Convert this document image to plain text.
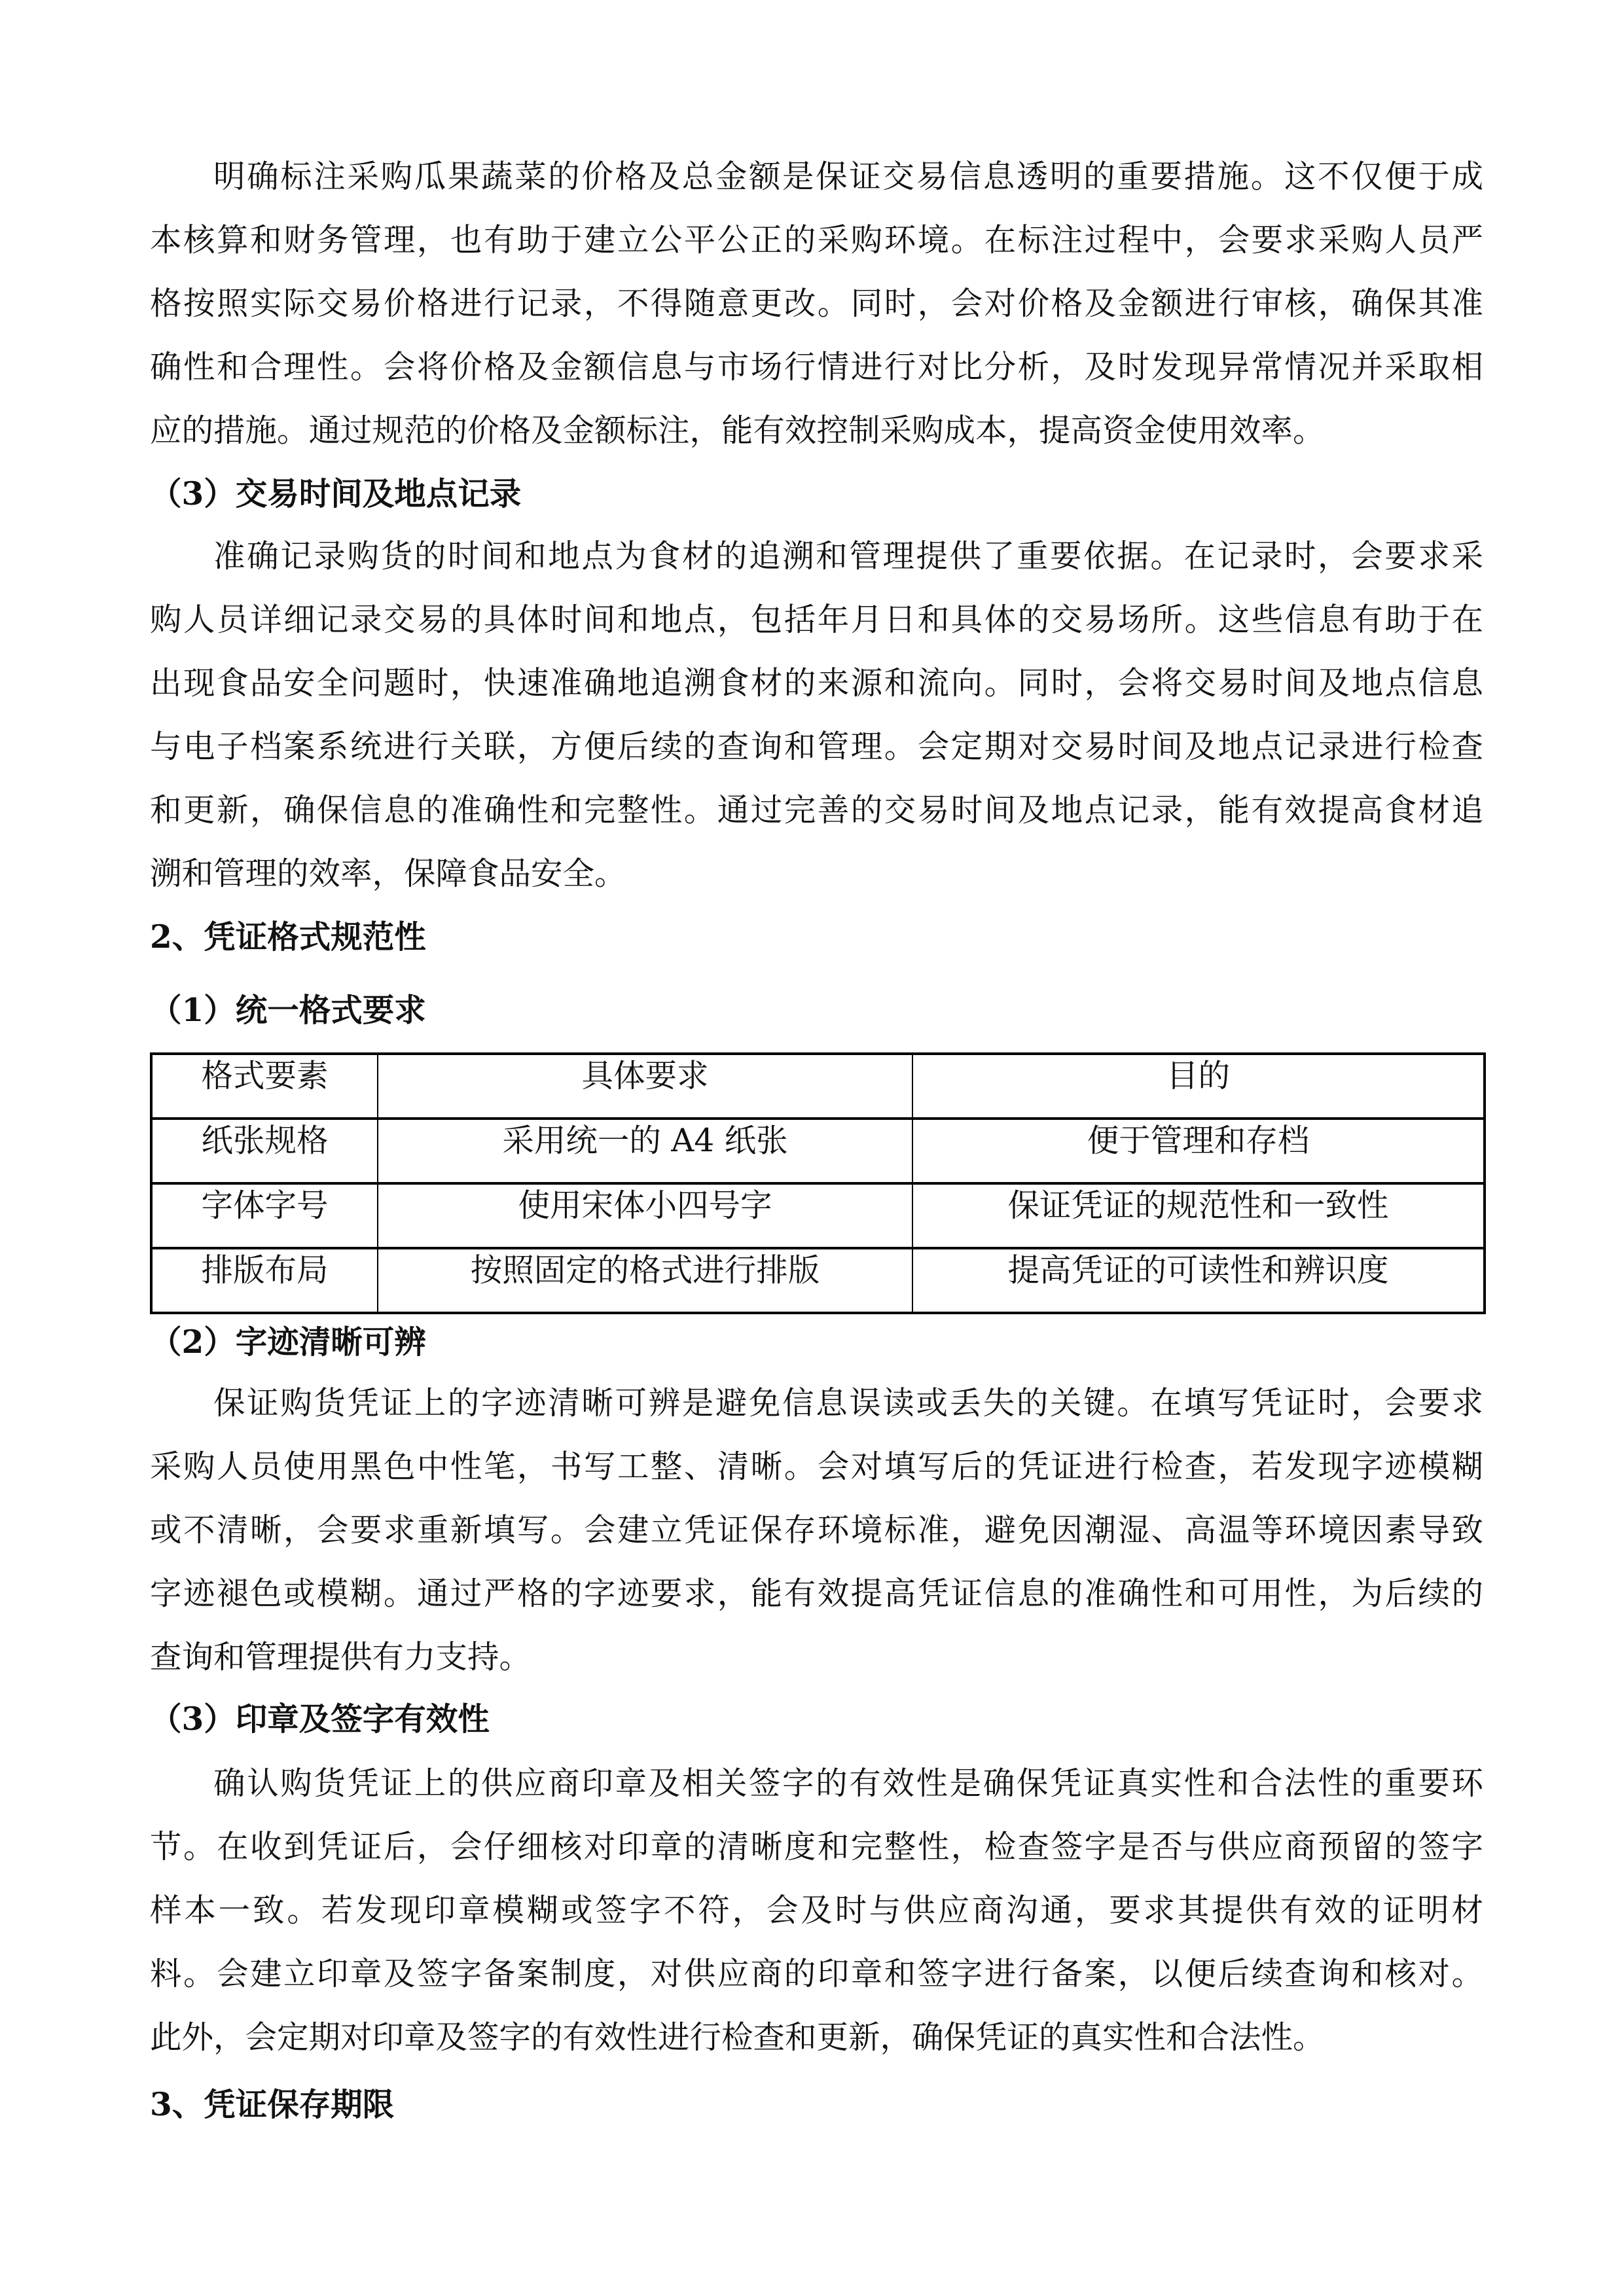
明确标注采购瓜果蔬菜的价格及总金额是保证交易信息透明的重要措施。这不仅便于成
本核算和财务管理，也有助于建立公平公正的采购环境。在标注过程中，会要求采购人员严
格按照实际交易价格进行记录，不得随意更改。同时，会对价格及金额进行审核，确保其准
确性和合理性。会将价格及金额信息与市场行情进行对比分析，及时发现异常情况并采取相
应的措施。通过规范的价格及金额标注，能有效控制采购成本，提高资金使用效率。
（3）交易时间及地点记录
准确记录购货的时间和地点为食材的追溯和管理提供了重要依据。在记录时，会要求采
购人员详细记录交易的具体时间和地点，包括年月日和具体的交易场所。这些信息有助于在
出现食品安全问题时，快速准确地追溯食材的来源和流向。同时，会将交易时间及地点信息
与电子档案系统进行关联，方便后续的查询和管理。会定期对交易时间及地点记录进行检查
和更新，确保信息的准确性和完整性。通过完善的交易时间及地点记录，能有效提高食材追
溯和管理的效率，保障食品安全。
2、凭证格式规范性
（1）统一格式要求
（2）字迹清晰可辨
保证购货凭证上的字迹清晰可辨是避免信息误读或丢失的关键。在填写凭证时，会要求
采购人员使用黑色中性笔，书写工整、清晰。会对填写后的凭证进行检查，若发现字迹模糊
或不清晰，会要求重新填写。会建立凭证保存环境标准，避免因潮湿、高温等环境因素导致
字迹褪色或模糊。通过严格的字迹要求，能有效提高凭证信息的准确性和可用性，为后续的
查询和管理提供有力支持。
（3）印章及签字有效性
确认购货凭证上的供应商印章及相关签字的有效性是确保凭证真实性和合法性的重要环
节。在收到凭证后，会仔细核对印章的清晰度和完整性，检查签字是否与供应商预留的签字
样本一致。若发现印章模糊或签字不符，会及时与供应商沟通，要求其提供有效的证明材
料。会建立印章及签字备案制度，对供应商的印章和签字进行备案，以便后续查询和核对。
此外，会定期对印章及签字的有效性进行检查和更新，确保凭证的真实性和合法性。
3、凭证保存期限
格式要素	具体要求	目的
纸张规格	采用统一的 A4 纸张	便于管理和存档
字体字号	使用宋体小四号字	保证凭证的规范性和一致性
排版布局	按照固定的格式进行排版	提高凭证的可读性和辨识度
